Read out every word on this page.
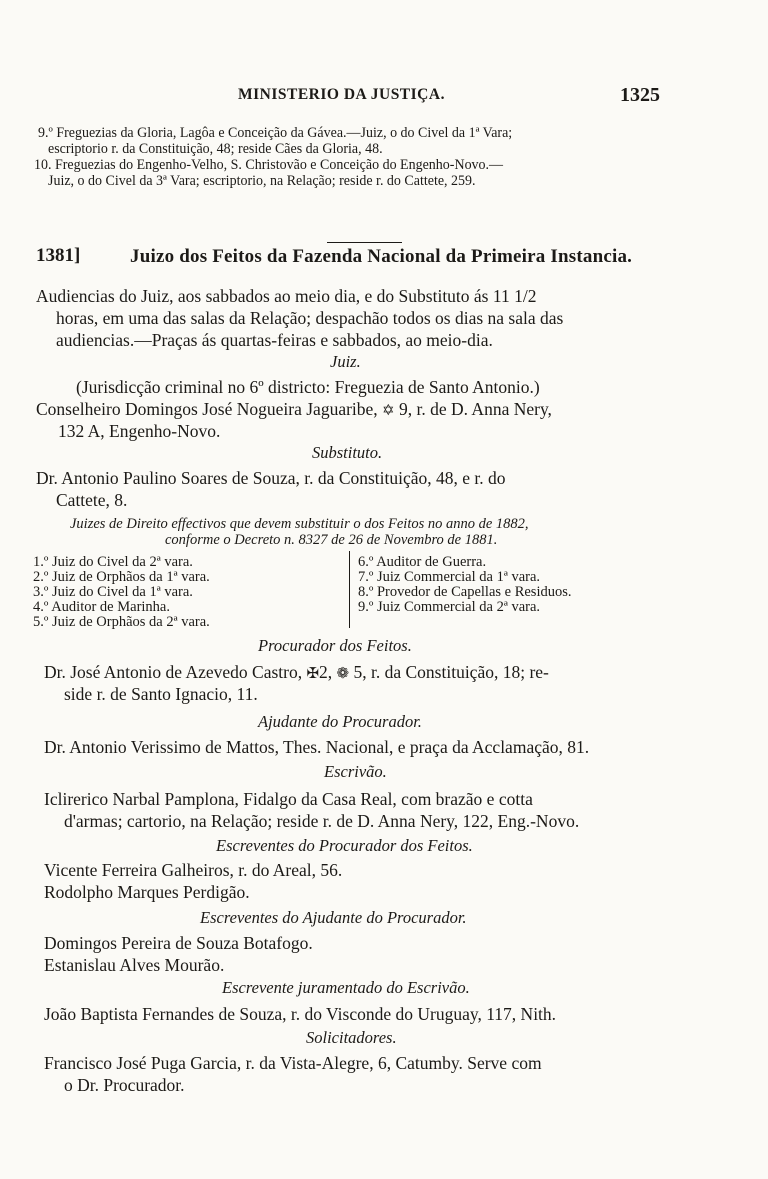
MINISTERIO DA JUSTIÇA.	1325
9.º Freguezias da Gloria, Lagôa e Conceição da Gávea.—Juiz, o do Civel da 1ª Vara;
escriptorio r. da Constituição, 48; reside Cães da Gloria, 48.
10. Freguezias do Engenho-Velho, S. Christovão e Conceição do Engenho-Novo.—
Juiz, o do Civel da 3ª Vara; escriptorio, na Relação; reside r. do Cattete, 259.
1381]	Juizo dos Feitos da Fazenda Nacional da Primeira Instancia.
Audiencias do Juiz, aos sabbados ao meio dia, e do Substituto ás 11 1/2
horas, em uma das salas da Relação; despachão todos os dias na sala das
audiencias.—Praças ás quartas-feiras e sabbados, ao meio-dia.
Juiz.
(Jurisdicção criminal no 6º districto: Freguezia de Santo Antonio.)
Conselheiro Domingos José Nogueira Jaguaribe, ✡ 9, r. de D. Anna Nery,
132 A, Engenho-Novo.
Substituto.
Dr. Antonio Paulino Soares de Souza, r. da Constituição, 48, e r. do
Cattete, 8.
Juizes de Direito effectivos que devem substituir o dos Feitos no anno de 1882,
conforme o Decreto n. 8327 de 26 de Novembro de 1881.
1.º Juiz do Civel da 2ª vara.
2.º Juiz de Orphãos da 1ª vara.
3.º Juiz do Civel da 1ª vara.
4.º Auditor de Marinha.
5.º Juiz de Orphãos da 2ª vara.
6.º Auditor de Guerra.
7.º Juiz Commercial da 1ª vara.
8.º Provedor de Capellas e Residuos.
9.º Juiz Commercial da 2ª vara.
Procurador dos Feitos.
Dr. José Antonio de Azevedo Castro, ✠2, ❁ 5, r. da Constituição, 18; re-
side r. de Santo Ignacio, 11.
Ajudante do Procurador.
Dr. Antonio Verissimo de Mattos, Thes. Nacional, e praça da Acclamação, 81.
Escrivão.
Iclirerico Narbal Pamplona, Fidalgo da Casa Real, com brazão e cotta
d'armas; cartorio, na Relação; reside r. de D. Anna Nery, 122, Eng.-Novo.
Escreventes do Procurador dos Feitos.
Vicente Ferreira Galheiros, r. do Areal, 56.
Rodolpho Marques Perdigão.
Escreventes do Ajudante do Procurador.
Domingos Pereira de Souza Botafogo.
Estanislau Alves Mourão.
Escrevente juramentado do Escrivão.
João Baptista Fernandes de Souza, r. do Visconde do Uruguay, 117, Nith.
Solicitadores.
Francisco José Puga Garcia, r. da Vista-Alegre, 6, Catumby. Serve com
o Dr. Procurador.
